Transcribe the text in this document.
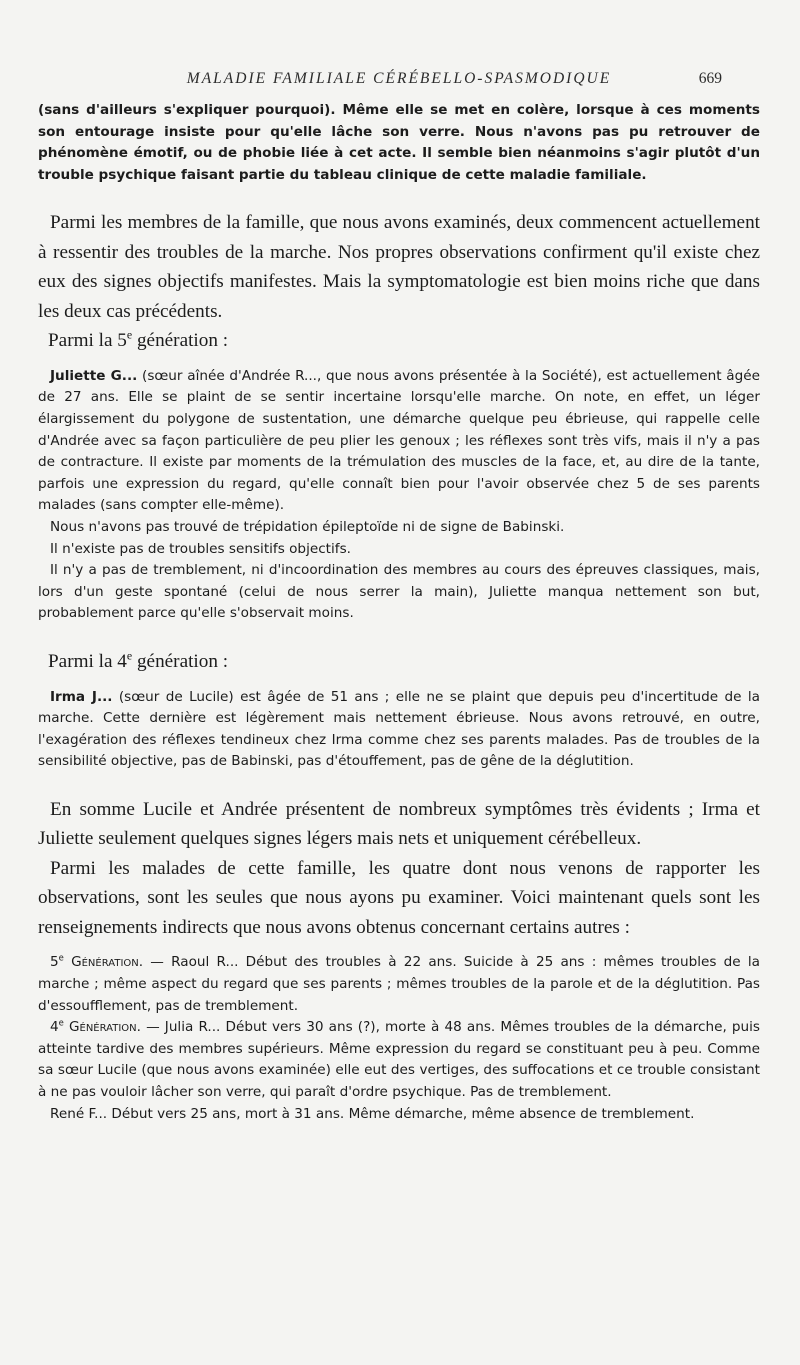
MALADIE FAMILIALE CÉRÉBELLO-SPASMODIQUE	669

(sans d'ailleurs s'expliquer pourquoi). Même elle se met en colère, lorsque à ces moments son entourage insiste pour qu'elle lâche son verre. Nous n'avons pas pu retrouver de phénomène émotif, ou de phobie liée à cet acte. Il semble bien néanmoins s'agir plutôt d'un trouble psychique faisant partie du tableau clinique de cette maladie familiale.

Parmi les membres de la famille, que nous avons examinés, deux commencent actuellement à ressentir des troubles de la marche. Nos propres observations confirment qu'il existe chez eux des signes objectifs manifestes. Mais la symptomatologie est bien moins riche que dans les deux cas précédents.

Parmi la 5e génération :

Juliette G... (sœur aînée d'Andrée R..., que nous avons présentée à la Société), est actuellement âgée de 27 ans. Elle se plaint de se sentir incertaine lorsqu'elle marche. On note, en effet, un léger élargissement du polygone de sustentation, une démarche quelque peu ébrieuse, qui rappelle celle d'Andrée avec sa façon particulière de peu plier les genoux ; les réflexes sont très vifs, mais il n'y a pas de contracture. Il existe par moments de la trémulation des muscles de la face, et, au dire de la tante, parfois une expression du regard, qu'elle connaît bien pour l'avoir observée chez 5 de ses parents malades (sans compter elle-même).

Nous n'avons pas trouvé de trépidation épileptoïde ni de signe de Babinski.

Il n'existe pas de troubles sensitifs objectifs.

Il n'y a pas de tremblement, ni d'incoordination des membres au cours des épreuves classiques, mais, lors d'un geste spontané (celui de nous serrer la main), Juliette manqua nettement son but, probablement parce qu'elle s'observait moins.

Parmi la 4e génération :

Irma J... (sœur de Lucile) est âgée de 51 ans ; elle ne se plaint que depuis peu d'incertitude de la marche. Cette dernière est légèrement mais nettement ébrieuse. Nous avons retrouvé, en outre, l'exagération des réflexes tendineux chez Irma comme chez ses parents malades. Pas de troubles de la sensibilité objective, pas de Babinski, pas d'étouffement, pas de gêne de la déglutition.

En somme Lucile et Andrée présentent de nombreux symptômes très évidents ; Irma et Juliette seulement quelques signes légers mais nets et uniquement cérébelleux.

Parmi les malades de cette famille, les quatre dont nous venons de rapporter les observations, sont les seules que nous ayons pu examiner. Voici maintenant quels sont les renseignements indirects que nous avons obtenus concernant certains autres :

5e Génération. — Raoul R... Début des troubles à 22 ans. Suicide à 25 ans : mêmes troubles de la marche ; même aspect du regard que ses parents ; mêmes troubles de la parole et de la déglutition. Pas d'essoufflement, pas de tremblement.

4e Génération. — Julia R... Début vers 30 ans (?), morte à 48 ans. Mêmes troubles de la démarche, puis atteinte tardive des membres supérieurs. Même expression du regard se constituant peu à peu. Comme sa sœur Lucile (que nous avons examinée) elle eut des vertiges, des suffocations et ce trouble consistant à ne pas vouloir lâcher son verre, qui paraît d'ordre psychique. Pas de tremblement.

René F... Début vers 25 ans, mort à 31 ans. Même démarche, même absence de tremblement.
